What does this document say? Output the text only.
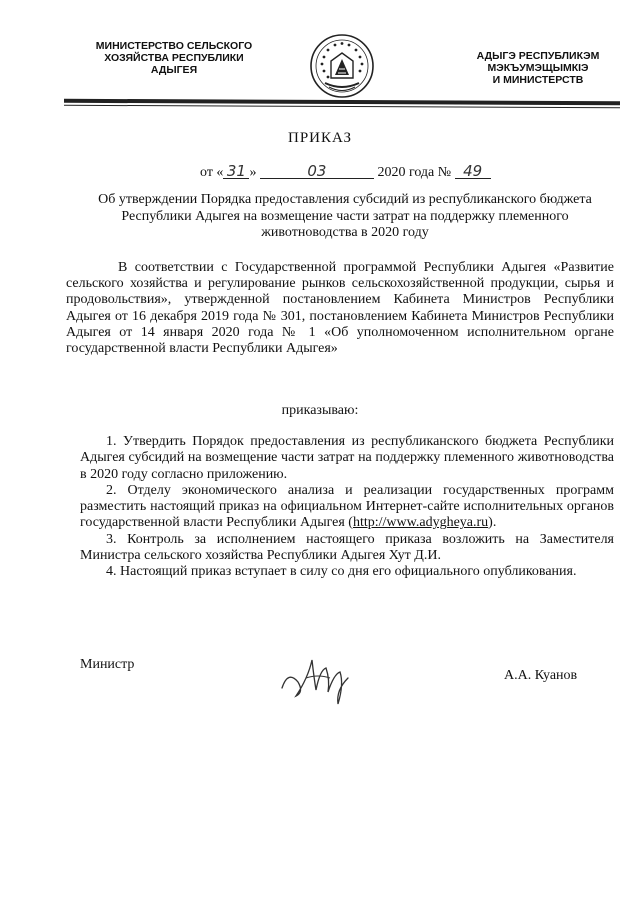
МИНИСТЕРСТВО СЕЛЬСКОГО
ХОЗЯЙСТВА РЕСПУБЛИКИ
АДЫГЕЯ
АДЫГЭ РЕСПУБЛИКЭМ
МЭКЪУМЭЩЫМКІЭ
И МИНИСТЕРСТВ
ПРИКАЗ
от « 31 »	03	2020 года № 49
Об утверждении Порядка предоставления субсидий из республиканского бюджета Республики Адыгея на возмещение части затрат на поддержку племенного животноводства в 2020 году
В соответствии с Государственной программой Республики Адыгея «Развитие сельского хозяйства и регулирование рынков сельскохозяйственной продукции, сырья и продовольствия», утвержденной постановлением Кабинета Министров Республики Адыгея от 16 декабря 2019 года № 301, постановлением Кабинета Министров Республики Адыгея от 14 января 2020 года № 1 «Об уполномоченном исполнительном органе государственной власти Республики Адыгея»
приказываю:

1. Утвердить Порядок предоставления из республиканского бюджета Республики Адыгея субсидий на возмещение части затрат на поддержку племенного животноводства в 2020 году согласно приложению.

2. Отделу экономического анализа и реализации государственных программ разместить настоящий приказ на официальном Интернет-сайте исполнительных органов государственной власти Республики Адыгея (http://www.adygheya.ru).

3. Контроль за исполнением настоящего приказа возложить на Заместителя Министра сельского хозяйства Республики Адыгея Хут Д.И.

4. Настоящий приказ вступает в силу со дня его официального опубликования.

Министр
А.А. Куанов
